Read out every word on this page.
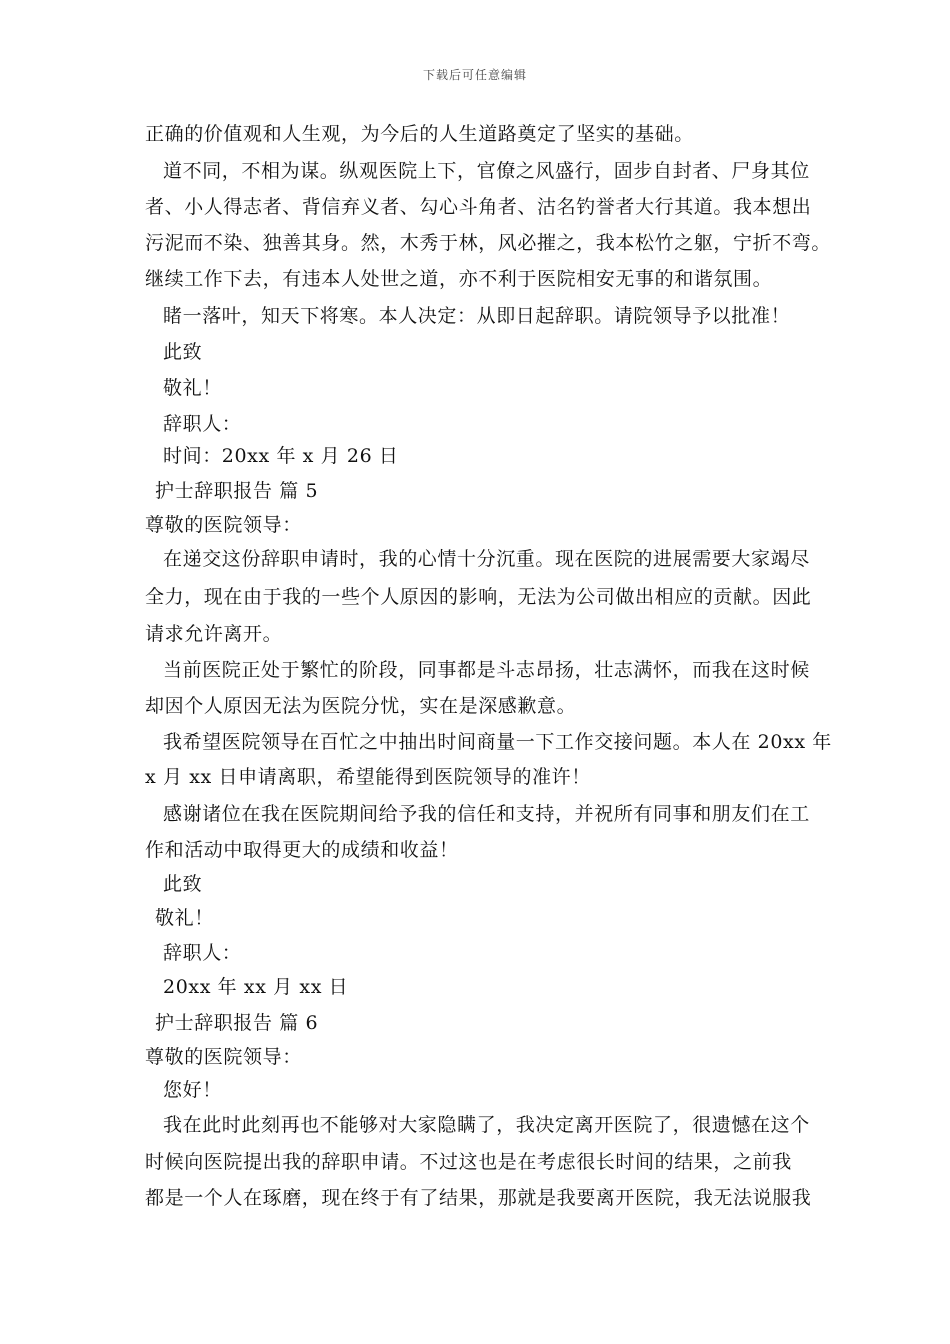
下载后可任意编辑
正确的价值观和人生观，为今后的人生道路奠定了坚实的基础。
道不同，不相为谋。纵观医院上下，官僚之风盛行，固步自封者、尸身其位
者、小人得志者、背信弃义者、勾心斗角者、沽名钓誉者大行其道。我本想出
污泥而不染、独善其身。然，木秀于林，风必摧之，我本松竹之躯，宁折不弯。
继续工作下去，有违本人处世之道，亦不利于医院相安无事的和谐氛围。
睹一落叶，知天下将寒。本人决定：从即日起辞职。请院领导予以批准！
此致
敬礼！
辞职人：
时间：20xx 年 x 月 26 日
护士辞职报告 篇 5
尊敬的医院领导：
在递交这份辞职申请时，我的心情十分沉重。现在医院的进展需要大家竭尽
全力，现在由于我的一些个人原因的影响，无法为公司做出相应的贡献。因此
请求允许离开。
当前医院正处于繁忙的阶段，同事都是斗志昂扬，壮志满怀，而我在这时候
却因个人原因无法为医院分忧，实在是深感歉意。
我希望医院领导在百忙之中抽出时间商量一下工作交接问题。本人在 20xx 年
x 月 xx 日申请离职，希望能得到医院领导的准许！
感谢诸位在我在医院期间给予我的信任和支持，并祝所有同事和朋友们在工
作和活动中取得更大的成绩和收益！
此致
敬礼！
辞职人：
20xx 年 xx 月 xx 日
护士辞职报告 篇 6
尊敬的医院领导：
您好！
我在此时此刻再也不能够对大家隐瞒了，我决定离开医院了，很遗憾在这个
时候向医院提出我的辞职申请。不过这也是在考虑很长时间的结果，之前我
都是一个人在琢磨，现在终于有了结果，那就是我要离开医院，我无法说服我
